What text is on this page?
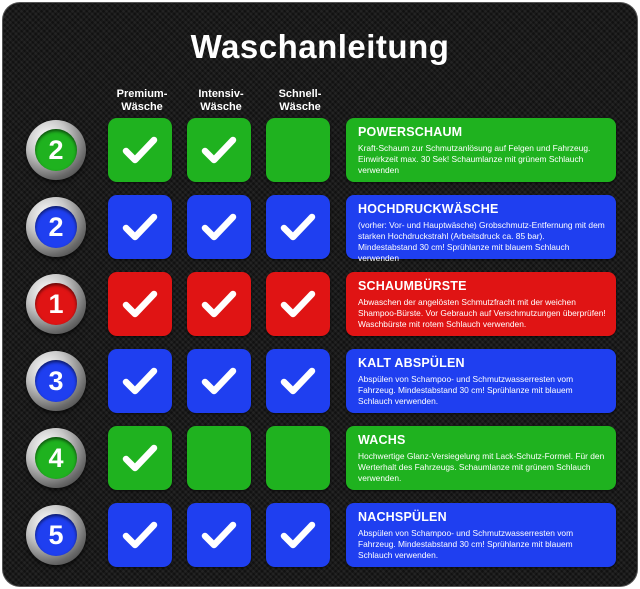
Waschanleitung
Premium-
Wäsche
Intensiv-
Wäsche
Schnell-
Wäsche
2
POWERSCHAUM
Kraft-Schaum zur Schmutzanlösung auf Felgen und Fahrzeug. Einwirkzeit max. 30 Sek! Schaumlanze mit grünem Schlauch verwenden
2
HOCHDRUCKWÄSCHE
(vorher: Vor- und Hauptwäsche) Grobschmutz-Entfernung mit dem starken Hochdruckstrahl (Arbeitsdruck ca. 85 bar). Mindestabstand 30 cm! Sprühlanze mit blauem Schlauch verwenden
1
SCHAUMBÜRSTE
Abwaschen der angelösten Schmutzfracht mit der weichen Shampoo-Bürste. Vor Gebrauch auf Verschmutzungen überprüfen! Waschbürste mit rotem Schlauch verwenden.
3
KALT ABSPÜLEN
Abspülen von Schampoo- und Schmutzwasserresten vom Fahrzeug. Mindestabstand 30 cm! Sprühlanze mit blauem Schlauch verwenden.
4
WACHS
Hochwertige Glanz-Versiegelung mit Lack-Schutz-Formel. Für den Werterhalt des Fahrzeugs. Schaumlanze mit grünem Schlauch verwenden.
5
NACHSPÜLEN
Abspülen von Schampoo- und Schmutzwasserresten vom Fahrzeug. Mindestabstand 30 cm! Sprühlanze mit blauem Schlauch verwenden.
